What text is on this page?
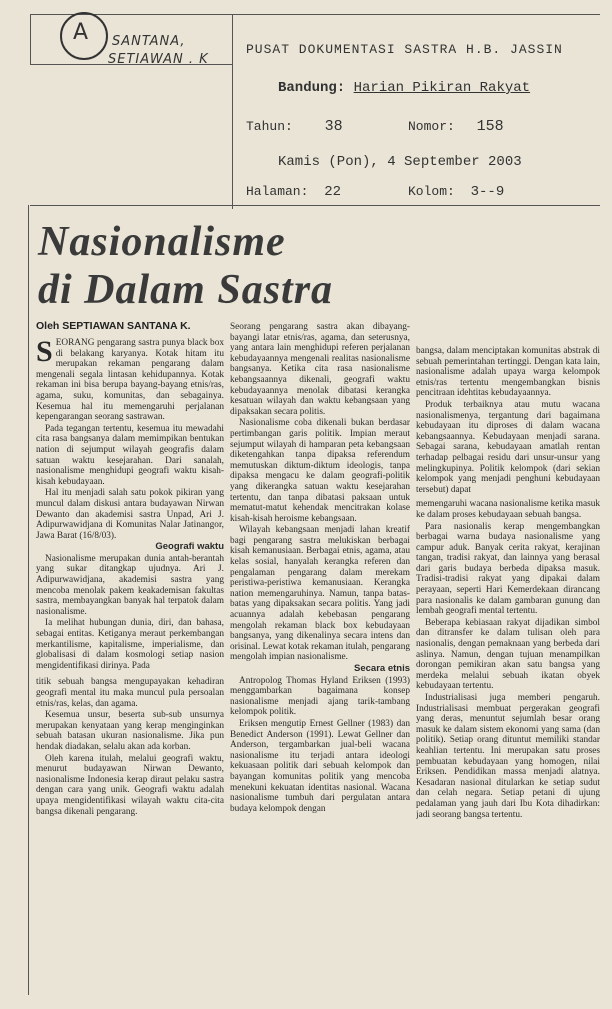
A SANTANA,
SETIAWAN . K
PUSAT DOKUMENTASI SASTRA H.B. JASSIN
Bandung: Harian Pikiran Rakyat
Tahun: 38	Nomor: 158
Kamis (Pon), 4 September 2003
Halaman: 22	Kolom: 3--9
Nasionalisme
di Dalam Sastra
Oleh SEPTIAWAN SANTANA K.

SEORANG pengarang sastra punya black box di belakang karyanya. Kotak hitam itu merupakan rekaman pengarang dalam mengenali segala lintasan kehidupannya. Kotak rekaman ini bisa berupa bayang-bayang etnis/ras, agama, suku, komunitas, dan sebagainya. Kesemua hal itu memengaruhi perjalanan kepengarangan seorang sastrawan.

Pada tegangan tertentu, kesemua itu mewadahi cita rasa bangsanya dalam memimpikan bentukan nation di sejumput wilayah geografis dalam satuan waktu kesejarahan. Dari sanalah, nasionalisme menghidupi geografi waktu kisah-kisah kebudayaan.

Hal itu menjadi salah satu pokok pikiran yang muncul dalam diskusi antara budayawan Nirwan Dewanto dan akademisi sastra Unpad, Ari J. Adipurwawidjana di Komunitas Nalar Jatinangor, Jawa Barat (16/8/03).

Geografi waktu

Nasionalisme merupakan dunia antah-berantah yang sukar ditangkap ujudnya. Ari J. Adipurwawidjana, akademisi sastra yang mencoba menolak pakem keakademisan fakultas sastra, membayangkan banyak hal terpatok dalam nasionalisme.

Ia melihat hubungan dunia, diri, dan bahasa, sebagai entitas. Ketiganya meraut perkembangan merkantilisme, kapitalisme, imperialisme, dan globalisasi di dalam kosmologi setiap nasion mengidentifikasi dirinya. Pada

titik sebuah bangsa mengupayakan kehadiran geografi mental itu maka muncul pula persoalan etnis/ras, kelas, dan agama.

Kesemua unsur, beserta sub-sub unsurnya merupakan kenyataan yang kerap menginginkan sebuah batasan ukuran nasionalisme. Jika pun hendak diadakan, selalu akan ada korban.

Oleh karena itulah, melalui geografi waktu, menurut budayawan Nirwan Dewanto, nasionalisme Indonesia kerap diraut pelaku sastra dengan cara yang unik. Geografi waktu adalah upaya mengidentifikasi wilayah waktu cita-cita bangsa dikenali pengarang.

Seorang pengarang sastra akan dibayang-bayangi latar etnis/ras, agama, dan seterusnya, yang antara lain menghidupi referen perjalanan kebudayaannya mengenali realitas nasionalisme bangsanya. Ketika cita rasa nasionalisme kebangsaannya dikenali, geografi waktu kebudayaannya menolak dibatasi kerangka kesatuan wilayah dan waktu kebangsaan yang dipaksakan secara politis.

Nasionalisme coba dikenali bukan berdasar pertimbangan garis politik. Impian meraut sejumput wilayah di hamparan peta kebangsaan diketengahkan tanpa dipaksa referendum memutuskan diktum-diktum ideologis, tanpa dipaksa mengacu ke dalam geografi-politik yang dikerangka satuan waktu kesejarahan tertentu, dan tanpa dibatasi paksaan untuk mematut-matut kehendak mencitrakan kolase kisah-kisah heroisme kebangsaan.

Wilayah kebangsaan menjadi lahan kreatif bagi pengarang sastra melukiskan berbagai kisah kemanusiaan. Berbagai etnis, agama, atau kelas sosial, hanyalah kerangka referen dan pengalaman pengarang dalam merekam peristiwa-peristiwa kemanusiaan. Kerangka nation memengaruhinya. Namun, tanpa batas-batas yang dipaksakan secara politis. Yang jadi acuannya adalah kebebasan pengarang mengolah rekaman black box kebudayaan bangsanya, yang dikenalinya secara intens dan orisinal. Lewat kotak rekaman itulah, pengarang mengolah impian nasionalisme.

Secara etnis

Antropolog Thomas Hyland Eriksen (1993) menggambarkan bagaimana konsep nasionalisme menjadi ajang tarik-tambang kelompok politik.

Eriksen mengutip Ernest Gellner (1983) dan Benedict Anderson (1991). Lewat Gellner dan Anderson, tergambarkan jual-beli wacana nasionalisme itu terjadi antara ideologi kekuasaan politik dari sebuah kelompok dan bayangan komunitas politik yang mencoba menekuni kekuatan identitas nasional. Wacana nasionalisme tumbuh dari pergulatan antara budaya kelompok dengan

bangsa, dalam menciptakan komunitas abstrak di sebuah pemerintahan tertinggi. Dengan kata lain, nasionalisme adalah upaya warga kelompok etnis/ras tertentu mengembangkan bisnis pencitraan idehtitas kebudayaannya.

Produk terbaiknya atau mutu wacana nasionalismenya, tergantung dari bagaimana kebudayaan itu diproses di dalam wacana kebangsaannya. Kebudayaan menjadi sarana. Sebagai sarana, kebudayaan amatlah rentan terhadap pelbagai residu dari unsur-unsur yang melingkupinya. Politik kelompok (dari sekian kelompok yang menjadi penghuni kebudayaan tersebut) dapat

memengaruhi wacana nasionalisme ketika masuk ke dalam proses kebudayaan sebuah bangsa.

Para nasionalis kerap mengembangkan berbagai warna budaya nasionalisme yang campur aduk. Banyak cerita rakyat, kerajinan tangan, tradisi rakyat, dan lainnya yang berasal dari garis budaya berbeda dipaksa masuk. Tradisi-tradisi rakyat yang dipakai dalam perayaan, seperti Hari Kemerdekaan dirancang para nasionalis ke dalam gambaran gunung dan lembah geografi mental tertentu.

Beberapa kebiasaan rakyat dijadikan simbol dan ditransfer ke dalam tulisan oleh para nasionalis, dengan pemaknaan yang berbeda dari aslinya. Namun, dengan tujuan menampilkan dorongan pemikiran akan satu bangsa yang merdeka melalui sebuah ikatan obyek kebudayaan tertentu.

Industrialisasi juga memberi pengaruh. Industrialisasi membuat pergerakan geografi yang deras, menuntut sejumlah besar orang masuk ke dalam sistem ekonomi yang sama (dan politik). Setiap orang dituntut memiliki standar keahlian tertentu. Ini merupakan satu proses pembuatan kebudayaan yang homogen, nilai Eriksen. Pendidikan massa menjadi alatnya. Kesadaran nasional ditularkan ke setiap sudut dan celah negara. Setiap petani di ujung pedalaman yang jauh dari Ibu Kota dihadirkan: jadi seorang bangsa tertentu.
